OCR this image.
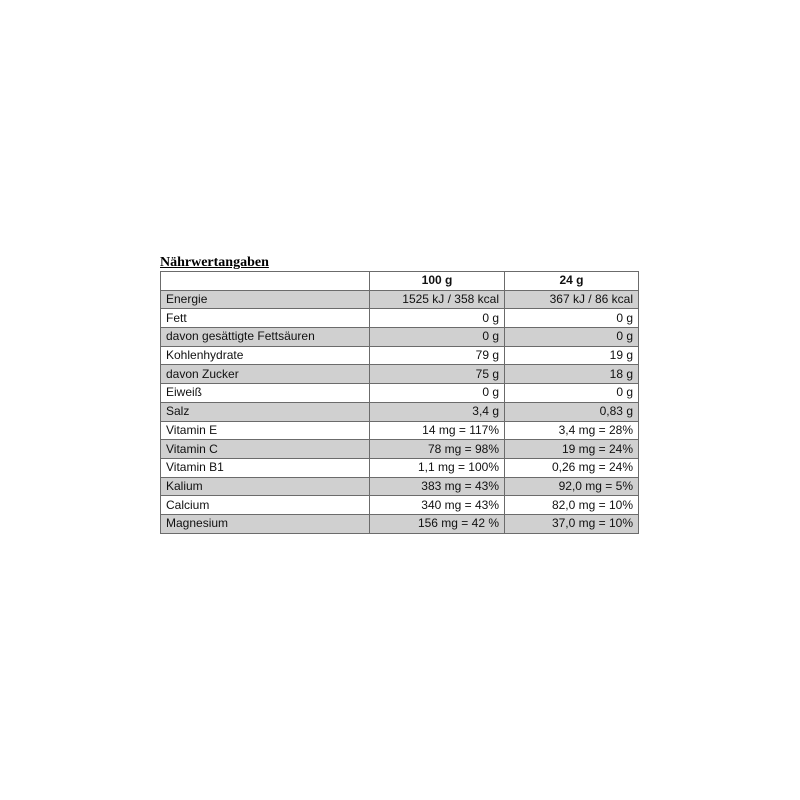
Nährwertangaben
	100 g	24 g
Energie	1525 kJ / 358 kcal	367 kJ / 86 kcal
Fett	0 g	0 g
davon gesättigte Fettsäuren	0 g	0 g
Kohlenhydrate	79 g	19 g
davon Zucker	75 g	18 g
Eiweiß	0 g	0 g
Salz	3,4 g	0,83 g
Vitamin E	14 mg = 117%	3,4 mg = 28%
Vitamin C	78 mg = 98%	19 mg = 24%
Vitamin B1	1,1 mg = 100%	0,26 mg = 24%
Kalium	383 mg = 43%	92,0 mg = 5%
Calcium	340 mg = 43%	82,0 mg = 10%
Magnesium	156 mg = 42 %	37,0 mg = 10%
